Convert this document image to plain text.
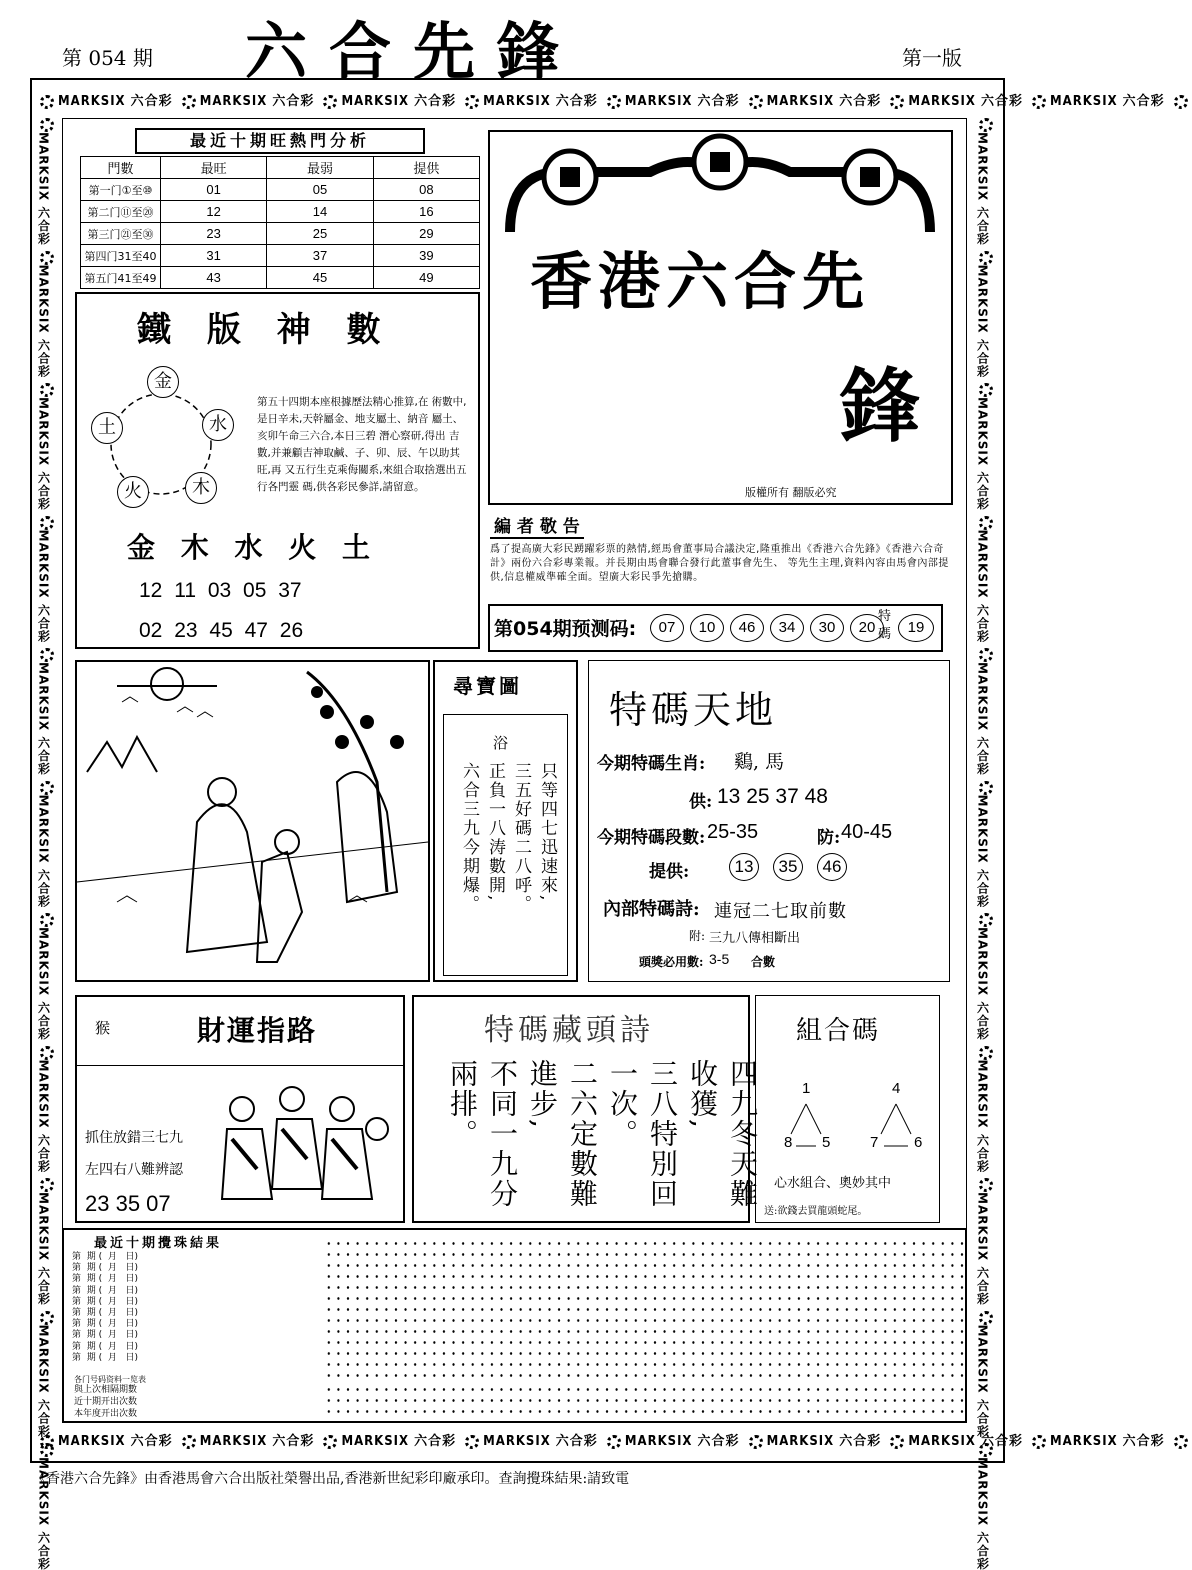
第 054 期 六合先鋒	第一版
MARKSIX 六合彩 MARKSIX 六合彩 MARKSIX 六合彩 MARKSIX 六合彩 MARKSIX 六合彩 MARKSIX 六合彩 MARKSIX 六合彩 MARKSIX 六合彩
MARKSIX 六合彩 MARKSIX 六合彩 MARKSIX 六合彩 MARKSIX 六合彩 MARKSIX 六合彩 MARKSIX 六合彩 MARKSIX 六合彩 MARKSIX 六合彩
MARKSIX 六合彩 MARKSIX 六合彩 MARKSIX 六合彩 MARKSIX 六合彩 MARKSIX 六合彩 MARKSIX 六合彩 MARKSIX 六合彩 MARKSIX 六合彩 MARKSIX 六合彩 MARKSIX 六合彩 MARKSIX 六合彩
MARKSIX 六合彩 MARKSIX 六合彩 MARKSIX 六合彩 MARKSIX 六合彩 MARKSIX 六合彩 MARKSIX 六合彩 MARKSIX 六合彩 MARKSIX 六合彩 MARKSIX 六合彩 MARKSIX 六合彩 MARKSIX 六合彩
最近十期旺熱門分析
門數	最旺	最弱	提供
第一门①至⑩	01	05	08
第二门⑪至⑳	12	14	16
第三门㉑至㉚	23	25	29
第四门31至40	31	37	39
第五门41至49	43	45	49 香港六合先
鋒
版權所有 翻版必究
鐵 版 神 數
金
水
木
火
土
第五十四期本座根據歷法精心推算,在 術數中,是日辛未,天幹屬金、地支屬土、納音 屬土、亥卯午命三六合,本日三碧 潛心察研,得出 吉數,并兼顧吉神取鹹、子、卯、辰、午以助其旺,再 又五行生克乘侮關系,來組合取捨選出五行各門靈 碼,供各彩民參詳,請留意。
金 木 水 火 土
12 11 03 05 37
02 23 45 47 26
編 者 敬 告
爲了提高廣大彩民踴躍彩票的熱情,經馬會董事局合議決定,隆重推出《香港六合先鋒》《香港六合奇計》兩份六合彩專業報。并長期由馬會聯合發行此董事會先生、 等先生主理,資料內容由馬會內部提供,信息權威準確全面。望廣大彩民爭先搶購。
第054期预测码:	07 10 46 34 30 20
特碼	19
尋寶圖
浴
只等四七迅速來,
三五好碼二八呼。
正負一八涛數開,
六合三九今期爆。
特碼天地
今期特碼生肖: 鷄, 馬
供: 13 25 37 48
今期特碼段數: 25-35	防: 40-45
提供:	13 35 46
內部特碼詩: 連冠二七取前數
附: 三九八傳相斷出
頭獎必用數: 3-5 合數
猴	財運指路
抓住放錯三七九
左四右八難辨認
23 35 07
特碼藏頭詩
四九冬天難收獲,
三八特別回一次。
二六定數難進步,
不同一九分兩排。
組合碼
1
8 5
4
7 6
心水組合、奧妙其中
送:欲錢去買龍頭蛇尾。
最近十期攪珠結果
第 期 (  月 日)
第 期 (  月 日)
第 期 (  月 日)
第 期 (  月 日)
第 期 (  月 日)
第 期 (  月 日)
第 期 (  月 日)
第 期 (  月 日)
第 期 (  月 日)
第 期 (  月 日)
各门号码资料一览表
與上次相隔期數
近十期开出次数
本年度开出次数
《香港六合先鋒》由香港馬會六合出版社榮譽出品,香港新世紀彩印廠承印。查詢攪珠結果:請致電
